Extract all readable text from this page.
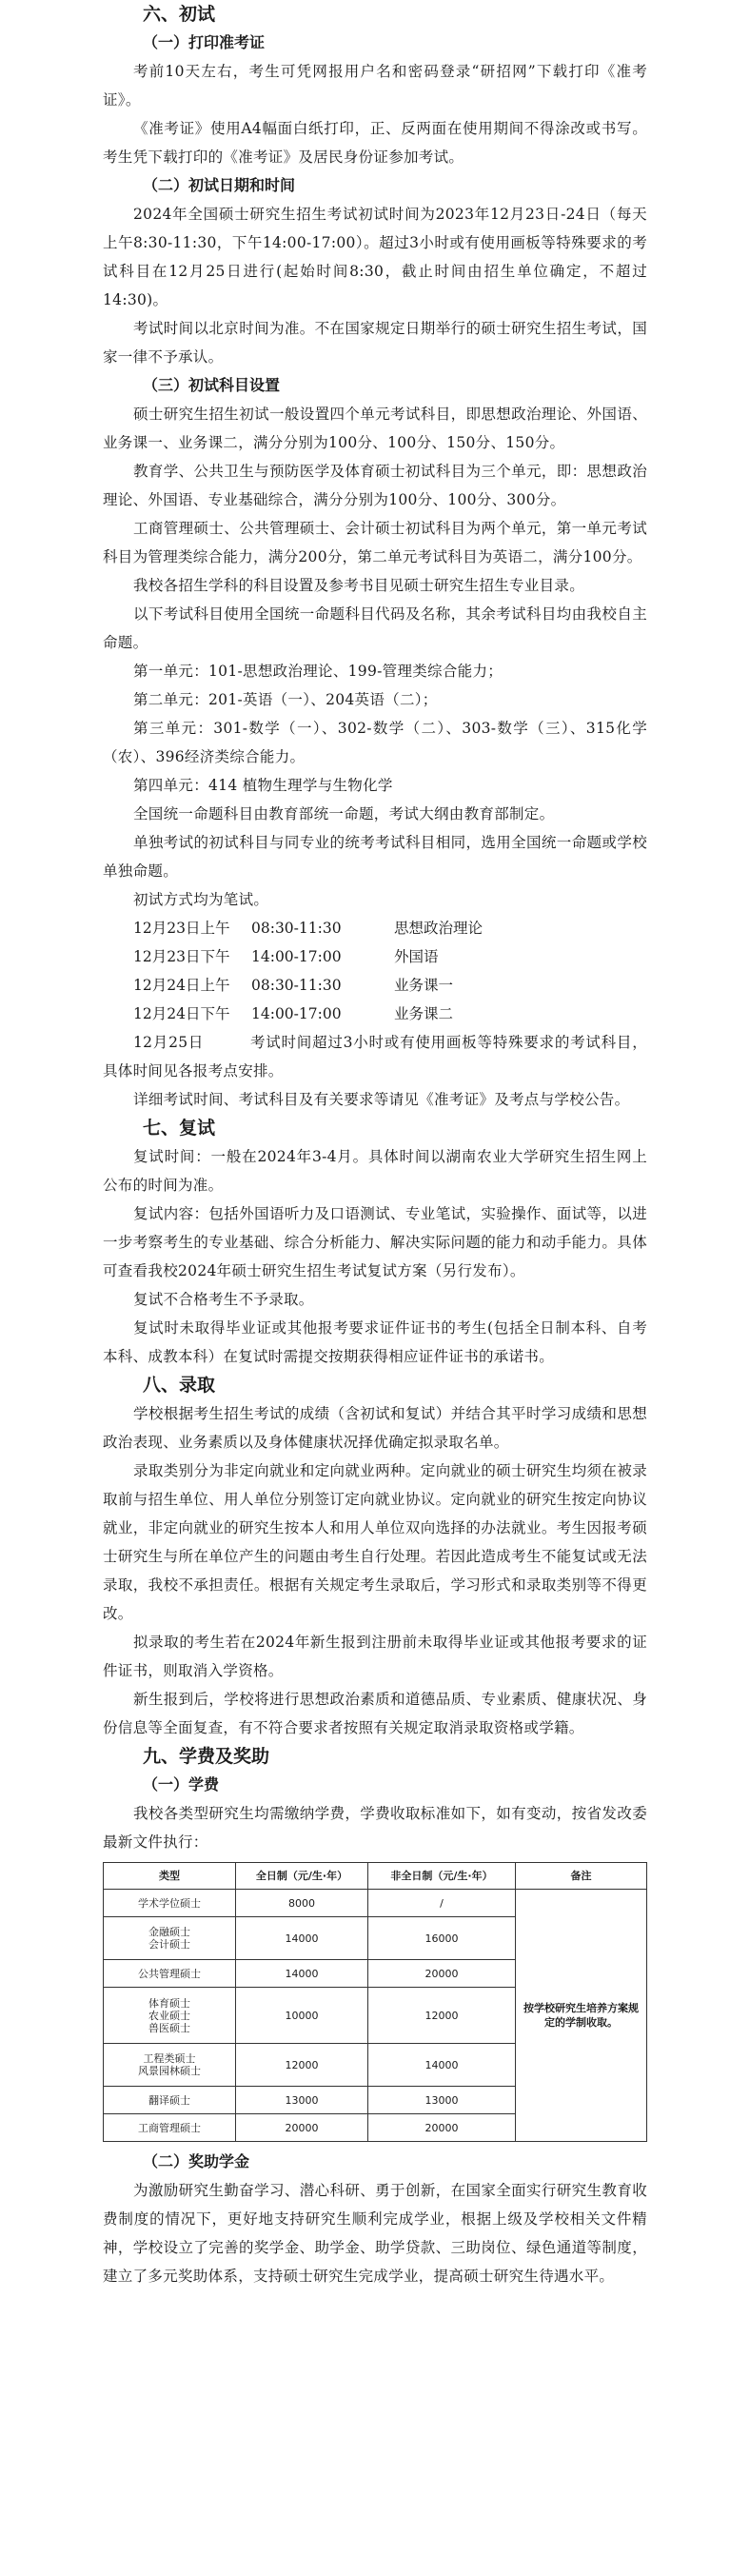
六、初试
（一）打印准考证

考前10天左右，考生可凭网报用户名和密码登录“研招网”下载打印《准考证》。

《准考证》使用A4幅面白纸打印，正、反两面在使用期间不得涂改或书写。考生凭下载打印的《准考证》及居民身份证参加考试。

（二）初试日期和时间

2024年全国硕士研究生招生考试初试时间为2023年12月23日-24日（每天上午8:30-11:30，下午14:00-17:00）。超过3小时或有使用画板等特殊要求的考试科目在12月25日进行(起始时间8:30，截止时间由招生单位确定，不超过14:30)。

考试时间以北京时间为准。不在国家规定日期举行的硕士研究生招生考试，国家一律不予承认。

（三）初试科目设置

硕士研究生招生初试一般设置四个单元考试科目，即思想政治理论、外国语、业务课一、业务课二，满分分别为100分、100分、150分、150分。

教育学、公共卫生与预防医学及体育硕士初试科目为三个单元，即：思想政治理论、外国语、专业基础综合，满分分别为100分、100分、300分。

工商管理硕士、公共管理硕士、会计硕士初试科目为两个单元，第一单元考试科目为管理类综合能力，满分200分，第二单元考试科目为英语二，满分100分。

我校各招生学科的科目设置及参考书目见硕士研究生招生专业目录。

以下考试科目使用全国统一命题科目代码及名称，其余考试科目均由我校自主命题。

第一单元：101-思想政治理论、199-管理类综合能力；

第二单元：201-英语（一）、204英语（二）；

第三单元：301-数学（一）、302-数学（二）、303-数学（三）、315化学（农）、396经济类综合能力。

第四单元：414 植物生理学与生物化学

全国统一命题科目由教育部统一命题，考试大纲由教育部制定。

单独考试的初试科目与同专业的统考考试科目相同，选用全国统一命题或学校单独命题。

初试方式均为笔试。

12月23日上午	08:30-11:30	思想政治理论
12月23日下午	14:00-17:00	外国语
12月24日上午	08:30-11:30	业务课一
12月24日下午	14:00-17:00	业务课二

12月25日　　　考试时间超过3小时或有使用画板等特殊要求的考试科目，具体时间见各报考点安排。

详细考试时间、考试科目及有关要求等请见《准考证》及考点与学校公告。

七、复试

复试时间：一般在2024年3-4月。具体时间以湖南农业大学研究生招生网上公布的时间为准。

复试内容：包括外国语听力及口语测试、专业笔试，实验操作、面试等，以进一步考察考生的专业基础、综合分析能力、解决实际问题的能力和动手能力。具体可查看我校2024年硕士研究生招生考试复试方案（另行发布）。

复试不合格考生不予录取。

复试时未取得毕业证或其他报考要求证件证书的考生(包括全日制本科、自考本科、成教本科）在复试时需提交按期获得相应证件证书的承诺书。

八、录取

学校根据考生招生考试的成绩（含初试和复试）并结合其平时学习成绩和思想政治表现、业务素质以及身体健康状况择优确定拟录取名单。

录取类别分为非定向就业和定向就业两种。定向就业的硕士研究生均须在被录取前与招生单位、用人单位分别签订定向就业协议。定向就业的研究生按定向协议就业，非定向就业的研究生按本人和用人单位双向选择的办法就业。考生因报考硕士研究生与所在单位产生的问题由考生自行处理。若因此造成考生不能复试或无法录取，我校不承担责任。根据有关规定考生录取后，学习形式和录取类别等不得更改。

拟录取的考生若在2024年新生报到注册前未取得毕业证或其他报考要求的证件证书，则取消入学资格。

新生报到后，学校将进行思想政治素质和道德品质、专业素质、健康状况、身份信息等全面复查，有不符合要求者按照有关规定取消录取资格或学籍。

九、学费及奖助
（一）学费

我校各类型研究生均需缴纳学费，学费收取标准如下，如有变动，按省发改委最新文件执行：

类型	全日制（元/生·年）	非全日制（元/生·年）	备注
学术学位硕士	8000	/	按学校研究生培养方案规定的学制收取。
金融硕士
会计硕士	14000	16000	
公共管理硕士	14000	20000	
体育硕士
农业硕士
兽医硕士	10000	12000	
工程类硕士
风景园林硕士	12000	14000	
翻译硕士	13000	13000	
工商管理硕士	20000	20000	
（二）奖助学金

为激励研究生勤奋学习、潜心科研、勇于创新，在国家全面实行研究生教育收费制度的情况下，更好地支持研究生顺利完成学业，根据上级及学校相关文件精神，学校设立了完善的奖学金、助学金、助学贷款、三助岗位、绿色通道等制度，建立了多元奖助体系，支持硕士研究生完成学业，提高硕士研究生待遇水平。
